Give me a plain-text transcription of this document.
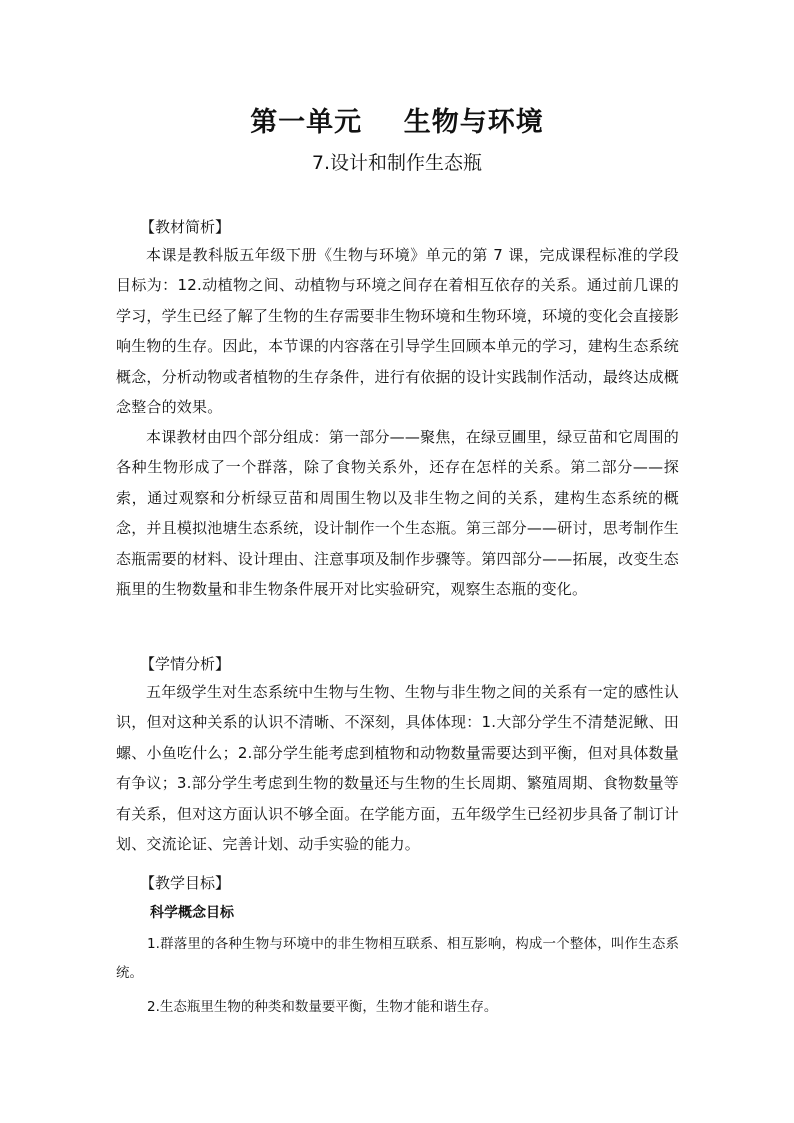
第一单元    生物与环境
7.设计和制作生态瓶
【教材简析】
本课是教科版五年级下册《生物与环境》单元的第 7 课，完成课程标准的学段目标为：12.动植物之间、动植物与环境之间存在着相互依存的关系。通过前几课的学习，学生已经了解了生物的生存需要非生物环境和生物环境，环境的变化会直接影响生物的生存。因此，本节课的内容落在引导学生回顾本单元的学习，建构生态系统概念，分析动物或者植物的生存条件，进行有依据的设计实践制作活动，最终达成概念整合的效果。
本课教材由四个部分组成：第一部分——聚焦，在绿豆圃里，绿豆苗和它周围的各种生物形成了一个群落，除了食物关系外，还存在怎样的关系。第二部分——探索，通过观察和分析绿豆苗和周围生物以及非生物之间的关系，建构生态系统的概念，并且模拟池塘生态系统，设计制作一个生态瓶。第三部分——研讨，思考制作生态瓶需要的材料、设计理由、注意事项及制作步骤等。第四部分——拓展，改变生态瓶里的生物数量和非生物条件展开对比实验研究，观察生态瓶的变化。
【学情分析】
五年级学生对生态系统中生物与生物、生物与非生物之间的关系有一定的感性认识，但对这种关系的认识不清晰、不深刻，具体体现：1.大部分学生不清楚泥鳅、田螺、小鱼吃什么；2.部分学生能考虑到植物和动物数量需要达到平衡，但对具体数量有争议；3.部分学生考虑到生物的数量还与生物的生长周期、繁殖周期、食物数量等有关系，但对这方面认识不够全面。在学能方面，五年级学生已经初步具备了制订计划、交流论证、完善计划、动手实验的能力。
【教学目标】
科学概念目标
1.群落里的各种生物与环境中的非生物相互联系、相互影响，构成一个整体，叫作生态系统。
2.生态瓶里生物的种类和数量要平衡，生物才能和谐生存。
